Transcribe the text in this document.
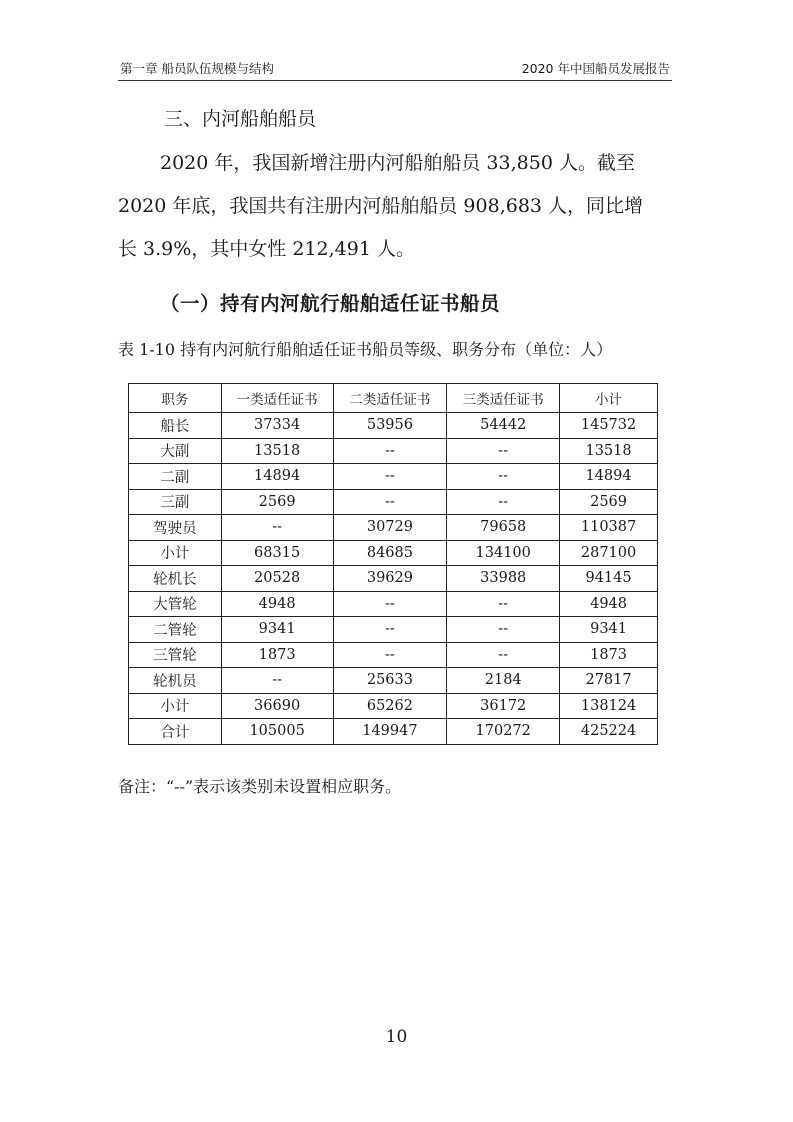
第一章 船员队伍规模与结构	2020 年中国船员发展报告
三、内河船舶船员
2020 年，我国新增注册内河船舶船员 33,850 人。截至
2020 年底，我国共有注册内河船舶船员 908,683 人，同比增
长 3.9%，其中女性 212,491 人。
（一）持有内河航行船舶适任证书船员
表 1-10 持有内河航行船舶适任证书船员等级、职务分布（单位：人）
职务	一类适任证书	二类适任证书	三类适任证书	小计
船长	37334	53956	54442	145732
大副	13518	--	--	13518
二副	14894	--	--	14894
三副	2569	--	--	2569
驾驶员	--	30729	79658	110387
小计	68315	84685	134100	287100
轮机长	20528	39629	33988	94145
大管轮	4948	--	--	4948
二管轮	9341	--	--	9341
三管轮	1873	--	--	1873
轮机员	--	25633	2184	27817
小计	36690	65262	36172	138124
合计	105005	149947	170272	425224
备注：“--”表示该类别未设置相应职务。
10
